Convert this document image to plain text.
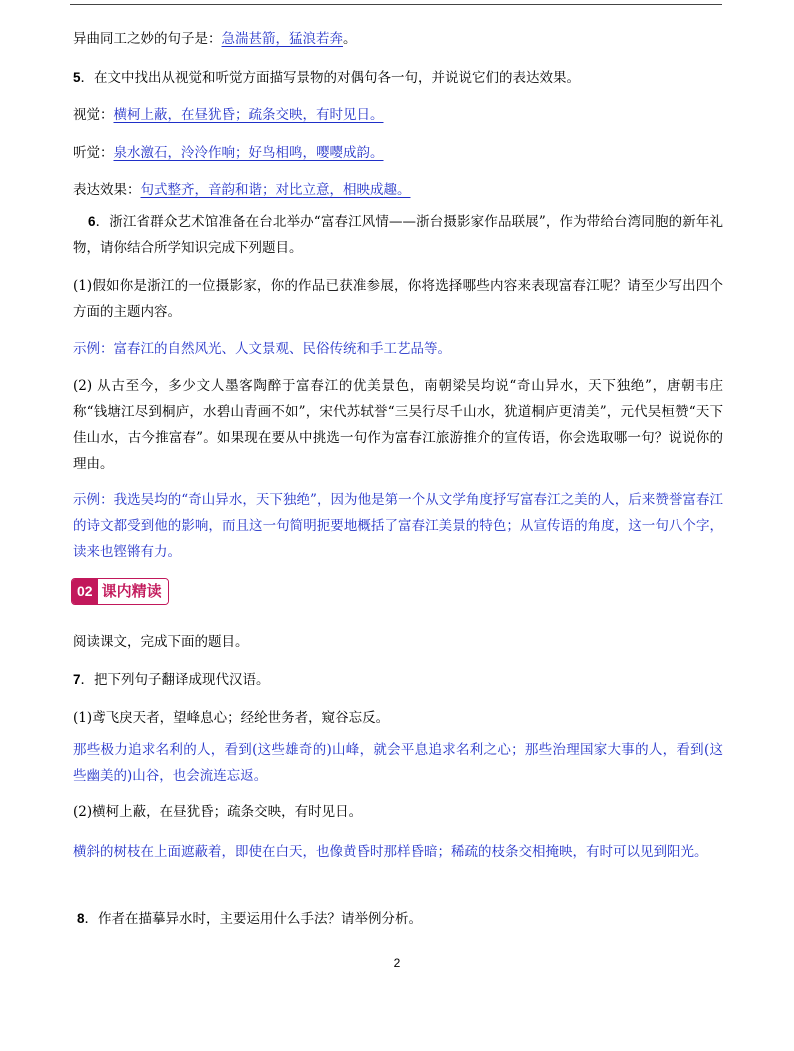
异曲同工之妙的句子是：急湍甚箭，猛浪若奔。
5．在文中找出从视觉和听觉方面描写景物的对偶句各一句，并说说它们的表达效果。
视觉：横柯上蔽，在昼犹昏；疏条交映，有时见日。
听觉：泉水激石，泠泠作响；好鸟相鸣，嘤嘤成韵。
表达效果：句式整齐，音韵和谐；对比立意，相映成趣。
6．浙江省群众艺术馆准备在台北举办“富春江风情——浙台摄影家作品联展”，作为带给台湾同胞的新年礼物，请你结合所学知识完成下列题目。
(1)假如你是浙江的一位摄影家，你的作品已获准参展，你将选择哪些内容来表现富春江呢？请至少写出四个方面的主题内容。
示例：富春江的自然风光、人文景观、民俗传统和手工艺品等。
(2) 从古至今，多少文人墨客陶醉于富春江的优美景色，南朝梁吴均说“奇山异水，天下独绝”，唐朝韦庄称“钱塘江尽到桐庐，水碧山青画不如”，宋代苏轼誉“三吴行尽千山水，犹道桐庐更清美”，元代吴桓赞“天下佳山水，古今推富春”。如果现在要从中挑选一句作为富春江旅游推介的宣传语，你会选取哪一句？说说你的理由。
示例：我选吴均的“奇山异水，天下独绝”，因为他是第一个从文学角度抒写富春江之美的人，后来赞誉富春江的诗文都受到他的影响，而且这一句简明扼要地概括了富春江美景的特色；从宣传语的角度，这一句八个字，读来也铿锵有力。
02 课内精读
阅读课文，完成下面的题目。
7．把下列句子翻译成现代汉语。
(1)鸢飞戾天者，望峰息心；经纶世务者，窥谷忘反。
那些极力追求名利的人，看到(这些雄奇的)山峰，就会平息追求名利之心；那些治理国家大事的人，看到(这些幽美的)山谷，也会流连忘返。
(2)横柯上蔽，在昼犹昏；疏条交映，有时见日。
横斜的树枝在上面遮蔽着，即使在白天，也像黄昏时那样昏暗；稀疏的枝条交相掩映，有时可以见到阳光。
8．作者在描摹异水时，主要运用什么手法？请举例分析。
2
